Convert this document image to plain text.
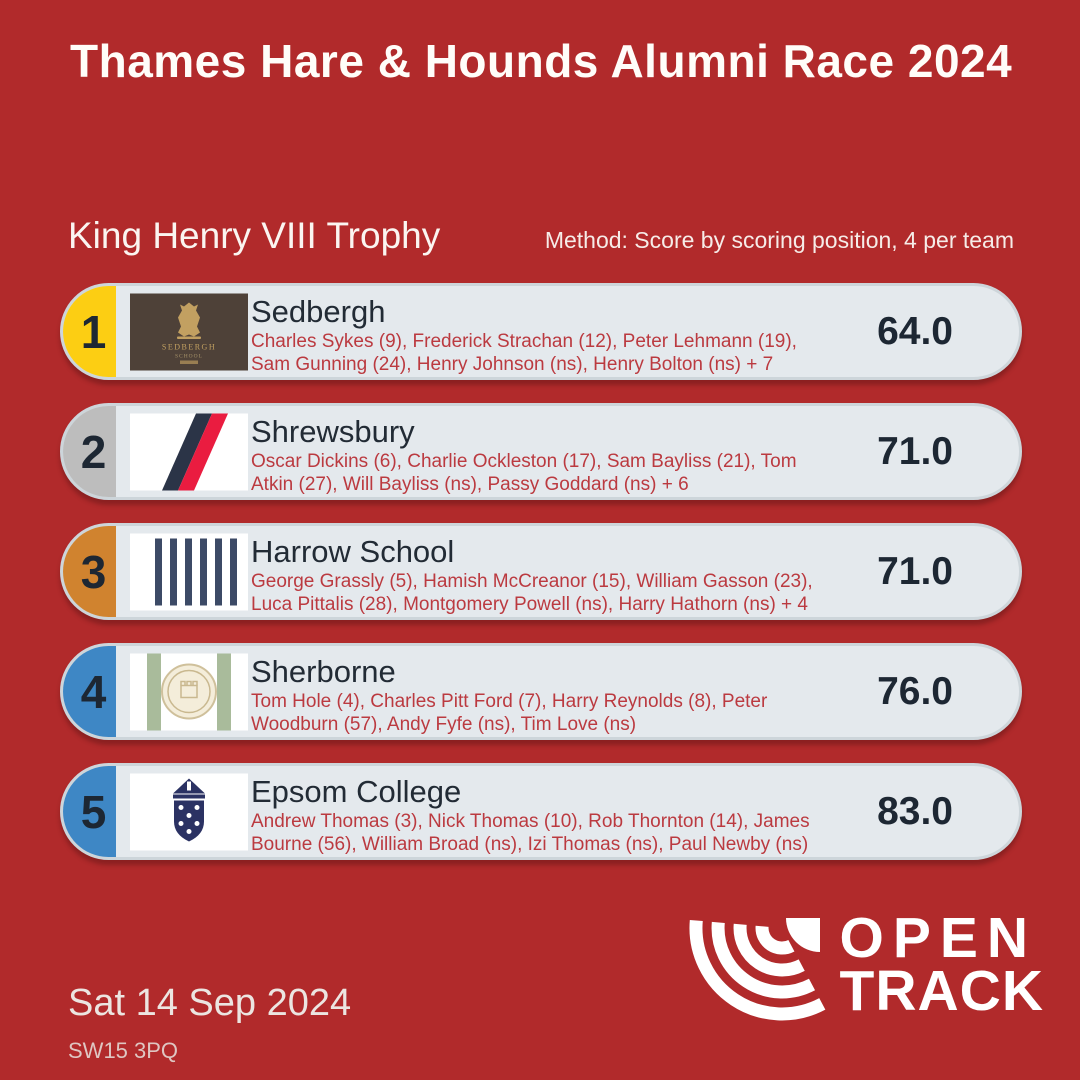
Thames Hare & Hounds Alumni Race 2024
King Henry VIII Trophy	Method: Score by scoring position, 4 per team
1	SEDBERGH
SCHOOL
Sedbergh
Charles Sykes (9), Frederick Strachan (12), Peter Lehmann (19), Sam Gunning (24), Henry Johnson (ns), Henry Bolton (ns) + 7
64.0
2	Shrewsbury
Oscar Dickins (6), Charlie Ockleston (17), Sam Bayliss (21), Tom Atkin (27), Will Bayliss (ns), Passy Goddard (ns) + 6
71.0
3	Harrow School
George Grassly (5), Hamish McCreanor (15), William Gasson (23), Luca Pittalis (28), Montgomery Powell (ns), Harry Hathorn (ns) + 4
71.0
4	Sherborne
Tom Hole (4), Charles Pitt Ford (7), Harry Reynolds (8), Peter Woodburn (57), Andy Fyfe (ns), Tim Love (ns)
76.0
5	Epsom College
Andrew Thomas (3), Nick Thomas (10), Rob Thornton (14), James Bourne (56), William Broad (ns), Izi Thomas (ns), Paul Newby (ns)
83.0
Sat 14 Sep 2024
SW15 3PQ
OPEN
TRACK
